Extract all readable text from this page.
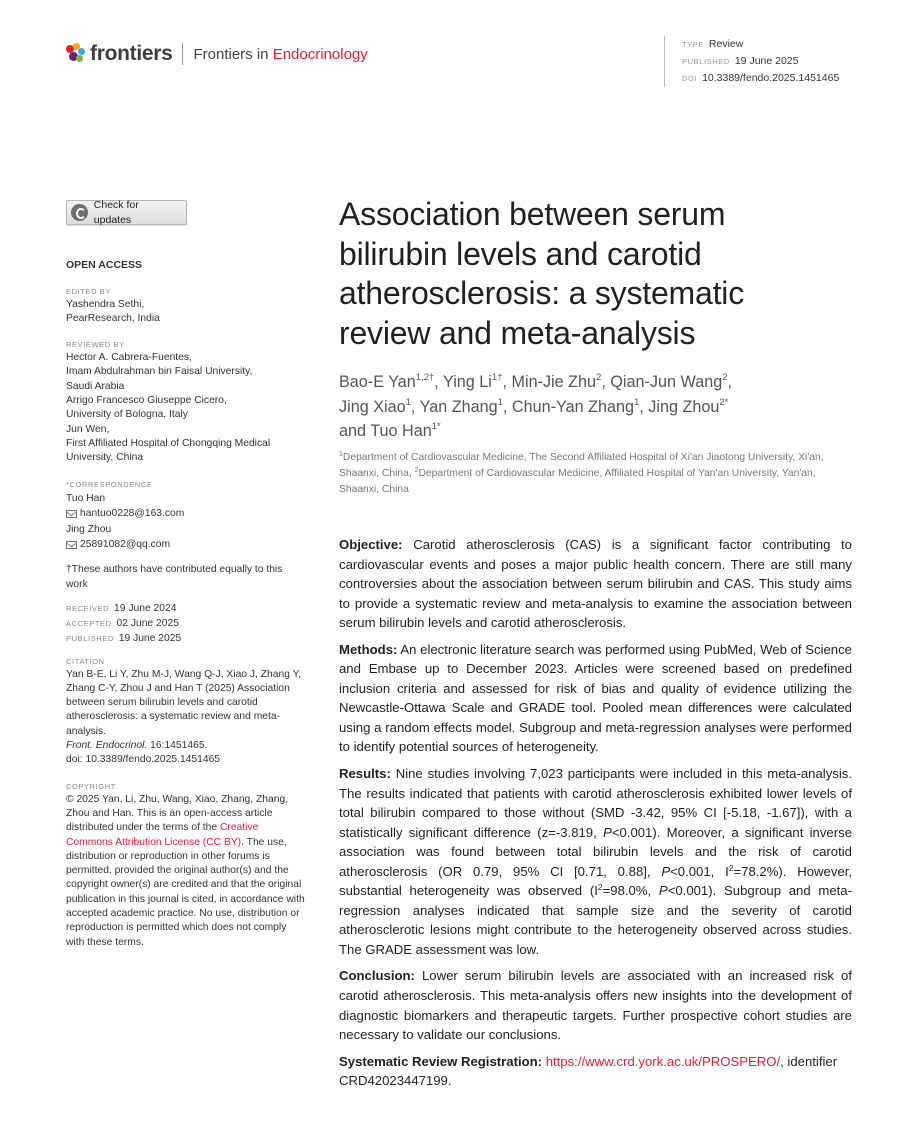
frontiers Frontiers in Endocrinology
TYPE Review
PUBLISHED 19 June 2025
DOI 10.3389/fendo.2025.1451465
Check for updates
OPEN ACCESS
EDITED BY
Yashendra Sethi,
PearResearch, India
REVIEWED BY
Hector A. Cabrera-Fuentes,
Imam Abdulrahman bin Faisal University,
Saudi Arabia
Arrigo Francesco Giuseppe Cicero,
University of Bologna, Italy
Jun Wen,
First Affiliated Hospital of Chongqing Medical
University, China
*CORRESPONDENCE
Tuo Han
hantuo0228@163.com
Jing Zhou
25891082@qq.com
†These authors have contributed equally to this work
RECEIVED 19 June 2024
ACCEPTED 02 June 2025
PUBLISHED 19 June 2025
CITATION
Yan B-E, Li Y, Zhu M-J, Wang Q-J, Xiao J, Zhang Y, Zhang C-Y, Zhou J and Han T (2025) Association between serum bilirubin levels and carotid atherosclerosis: a systematic review and meta-analysis.
Front. Endocrinol. 16:1451465.
doi: 10.3389/fendo.2025.1451465
COPYRIGHT
© 2025 Yan, Li, Zhu, Wang, Xiao, Zhang, Zhang, Zhou and Han. This is an open-access article distributed under the terms of the Creative Commons Attribution License (CC BY). The use, distribution or reproduction in other forums is permitted, provided the original author(s) and the copyright owner(s) are credited and that the original publication in this journal is cited, in accordance with accepted academic practice. No use, distribution or reproduction is permitted which does not comply with these terms.
Association between serum bilirubin levels and carotid atherosclerosis: a systematic review and meta-analysis
Bao-E Yan$^{1,2\dagger}$, Ying $Li^{1\dagger}$, Min-Jie Zhu$^2$, Qian-Jun Wang$^2$,
Jing Xiao$^1$, Yan Zhang$^1$, Chun-Yan Zhang$^1$, Jing Zhou$^{2*}$
and Tuo Han$^{1*}$
$^1$Department of Cardiovascular Medicine, The Second Affiliated Hospital of Xi'an Jiaotong University, Xi'an, Shaanxi, China, $^2$Department of Cardiovascular Medicine, Affiliated Hospital of Yan'an University, Yan'an, Shaanxi, China

Objective: Carotid atherosclerosis (CAS) is a significant factor contributing to cardiovascular events and poses a major public health concern. There are still many controversies about the association between serum bilirubin and CAS. This study aims to provide a systematic review and meta-analysis to examine the association between serum bilirubin levels and carotid atherosclerosis.

Methods: An electronic literature search was performed using PubMed, Web of Science and Embase up to December 2023. Articles were screened based on predefined inclusion criteria and assessed for risk of bias and quality of evidence utilizing the Newcastle-Ottawa Scale and GRADE tool. Pooled mean differences were calculated using a random effects model. Subgroup and meta-regression analyses were performed to identify potential sources of heterogeneity.

Results: Nine studies involving 7,023 participants were included in this meta-analysis. The results indicated that patients with carotid atherosclerosis exhibited lower levels of total bilirubin compared to those without (SMD -3.42, 95% CI [-5.18, -1.67]), with a statistically significant difference (z=-3.819, P<0.001). Moreover, a significant inverse association was found between total bilirubin levels and the risk of carotid atherosclerosis (OR 0.79, 95% CI [0.71, 0.88], P<0.001, $I^2=78.2\%$). However, substantial heterogeneity was observed ($I^2=98.0\%$, P<0.001). Subgroup and meta-regression analyses indicated that sample size and the severity of carotid atherosclerotic lesions might contribute to the heterogeneity observed across studies. The GRADE assessment was low.

Conclusion: Lower serum bilirubin levels are associated with an increased risk of carotid atherosclerosis. This meta-analysis offers new insights into the development of diagnostic biomarkers and therapeutic targets. Further prospective cohort studies are necessary to validate our conclusions.

Systematic Review Registration: https://www.crd.york.ac.uk/PROSPERO/, identifier CRD42023447199.
